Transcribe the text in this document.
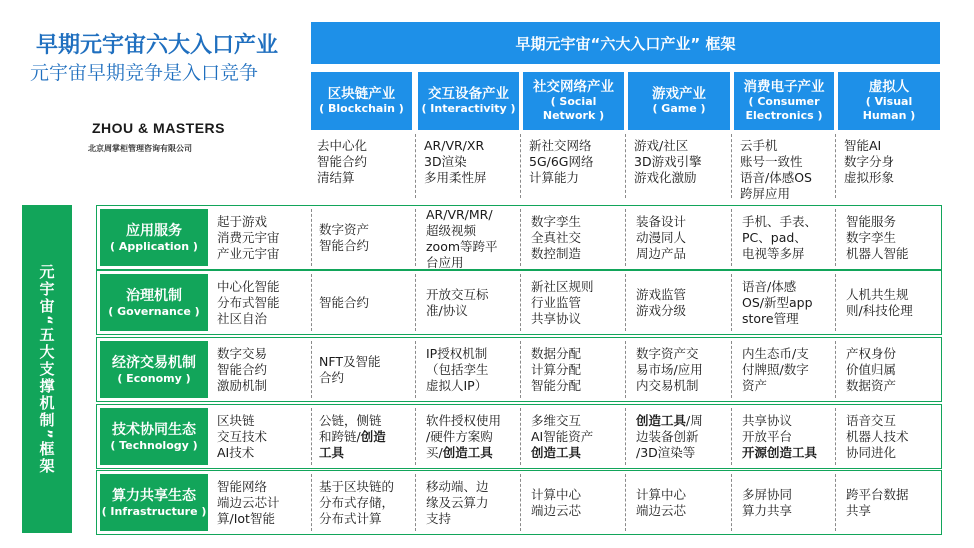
早期元宇宙六大入口产业
元宇宙早期竞争是入口竞争
ZHOU & MASTERS
北京周掌柜管理咨询有限公司
早期元宇宙“六大入口产业” 框架
元宇宙“五大支撑机制”框架
区块链产业
( Blockchain )
去中心化
智能合约
清结算
交互设备产业
( Interactivity )
AR/VR/XR
3D渲染
多用柔性屏
社交网络产业
( Social
Network )
新社交网络
5G/6G网络
计算能力
游戏产业
( Game )
游戏/社区
3D游戏引擎
游戏化激励
消费电子产业
( Consumer
Electronics )
云手机
账号一致性
语音/体感OS
跨屏应用
虚拟人
( Visual
Human )
智能AI
数字分身
虚拟形象
应用服务
( Application )
起于游戏
消费元宇宙
产业元宇宙
数字资产
智能合约
AR/VR/MR/
超级视频
zoom等跨平
台应用
数字孪生
全真社交
数控制造
装备设计
动漫同人
周边产品
手机、手表、
PC、pad、
电视等多屏
智能服务
数字孪生
机器人智能
治理机制
( Governance )
中心化智能
分布式智能
社区自治
智能合约
开放交互标
准/协议
新社区规则
行业监管
共享协议
游戏监管
游戏分级
语音/体感
OS/新型app
store管理
人机共生规
则/科技伦理
经济交易机制
( Economy )
数字交易
智能合约
激励机制
NFT及智能
合约
IP授权机制
（包括孪生
虚拟人IP）
数据分配
计算分配
智能分配
数字资产交
易市场/应用
内交易机制
内生态币/支
付牌照/数字
资产
产权身份
价值归属
数据资产
技术协同生态
( Technology )
区块链
交互技术
AI技术
公链，侧链
和跨链/创造
工具
软件授权使用
/硬件方案购
买/创造工具
多维交互
AI智能资产
创造工具
创造工具/周
边装备创新
/3D渲染等
共享协议
开放平台
开源创造工具
语音交互
机器人技术
协同进化
算力共享生态
( Infrastructure )
智能网络
端边云芯计
算/Iot智能
基于区块链的
分布式存储，
分布式计算
移动端、边
缘及云算力
支持
计算中心
端边云芯
计算中心
端边云芯
多屏协同
算力共享
跨平台数据
共享
